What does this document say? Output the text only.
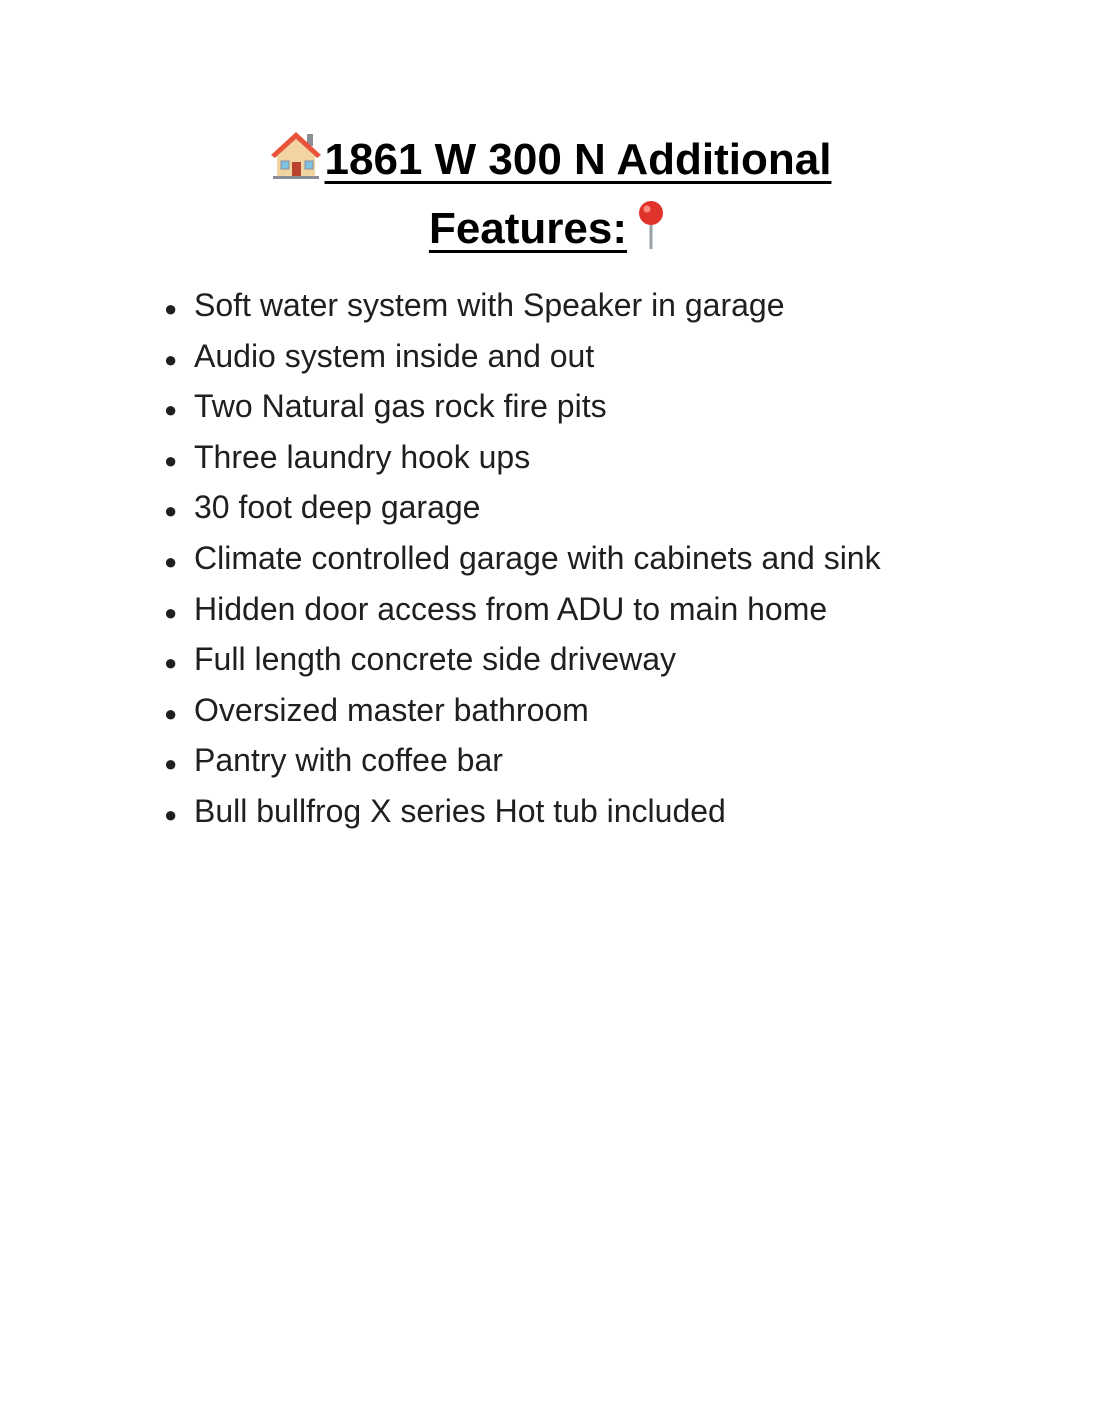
1861 W 300 N Additional
Features:
● Soft water system with Speaker in garage
● Audio system inside and out
● Two Natural gas rock fire pits
● Three laundry hook ups
● 30 foot deep garage
● Climate controlled garage with cabinets and sink
● Hidden door access from ADU to main home
● Full length concrete side driveway
● Oversized master bathroom
● Pantry with coffee bar
● Bull bullfrog X series Hot tub included
